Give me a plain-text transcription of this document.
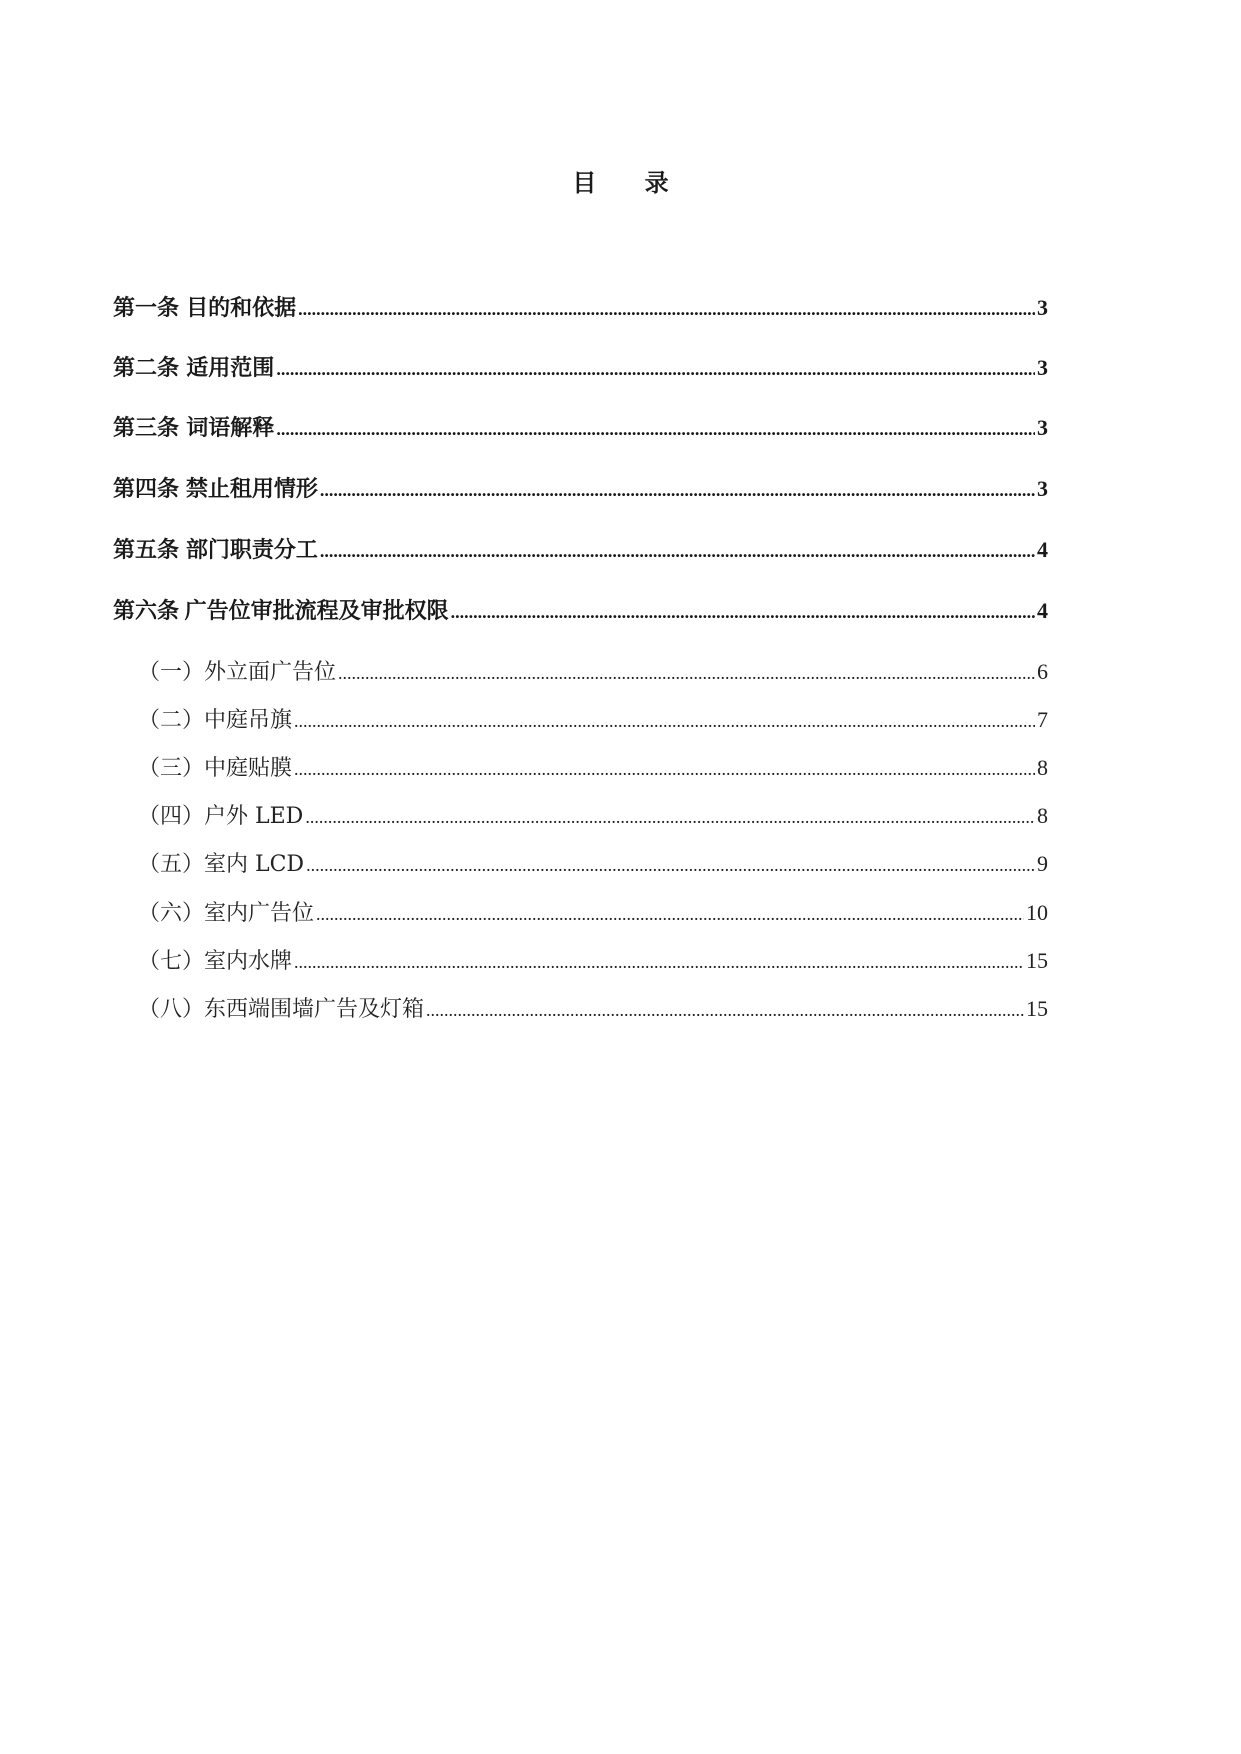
目 录
第一条 目的和依据 .....	3
第二条 适用范围 .....	3
第三条 词语解释 .....	3
第四条 禁止租用情形 .....	3
第五条 部门职责分工 .....	4
第六条 广告位审批流程及审批权限 .....	4
（一）外立面广告位 .....	6
（二）中庭吊旗 .....	7
（三）中庭贴膜 .....	8
（四）户外 LED .....	8
（五）室内 LCD .....	9
（六）室内广告位 .....	10
（七）室内水牌 .....	15
（八）东西端围墙广告及灯箱 .....	15
